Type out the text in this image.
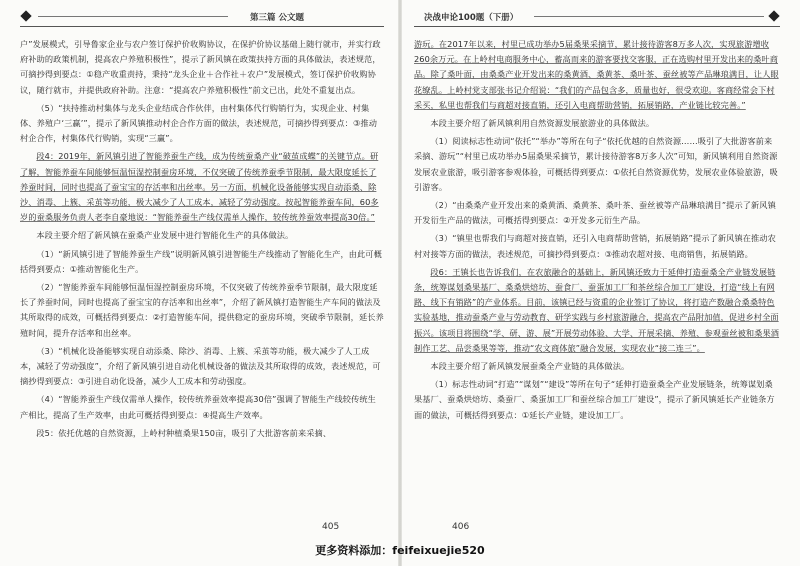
第三篇 公文题

户”发展模式，引导鲁家企业与农户签订保护价收购协议，在保护价协议基础上随行就市，并实行政府补助的政策机制，提高农户养殖积极性”，提示了新风镇在政策扶持方面的具体做法，表述规范，可摘抄得到要点：①稳产收重责持，秉持“龙头企业＋合作社＋农户”发展模式，签订保护价收购协议，随行就市，并提供政府补助。注意：“提高农户养殖积极性”前文已出，此处不重复出点。

（5）“扶持推动村集体与龙头企业结成合作伙伴，由村集体代行购销行为，实现企业、村集体、养殖户‘三赢’”，提示了新风镇推动村企合作方面的做法，表述规范，可摘抄得到要点：③推动村企合作，村集体代行购销，实现“三赢”。

段4：2019年，新风镇引进了智能养蚕生产线，成为传统蚕桑产业“破茧成蝶”的关键节点。研了解，智能养蚕车间能够恒温恒湿控制蚕房环境，不仅突破了传统养蚕季节限制，最大限度延长了养蚕时间，同时也提高了蚕宝宝的存活率和出丝率。另一方面，机械化设备能够实现自动添桑、除沙、消毒、上簇、采茧等功能，极大减少了人工成本，减轻了劳动强度。按起智能养蚕车间，60多岁的蚕桑服务负责人老李自豪地说：“智能养蚕生产线仅需单人操作，较传统养蚕效率提高30倍。”

本段主要介绍了新风镇在蚕桑产业发展中进行智能化生产的具体做法。

（1）“新风镇引进了智能养蚕生产线”说明新风镇引进智能生产线推动了智能化生产，由此可概括得到要点：①推动智能化生产。

（2）“智能养蚕车间能够恒温恒湿控制蚕房环境，不仅突破了传统养蚕季节限制，最大限度延长了养蚕时间，同时也提高了蚕宝宝的存活率和出丝率”，介绍了新风镇打造智能生产车间的做法及其所取得的成效，可概括得到要点：②打造智能车间，提供稳定的蚕房环境，突破季节限制，延长养殖时间，提升存活率和出丝率。

（3）“机械化设备能够实现自动添桑、除沙、消毒、上簇、采茧等功能，极大减少了人工成本，减轻了劳动强度”，介绍了新风镇引进自动化机械设备的做法及其所取得的成效，表述规范，可摘抄得到要点：③引进自动化设备，减少人工成本和劳动强度。

（4）“智能养蚕生产线仅需单人操作，较传统养蚕效率提高30倍”强调了智能生产线较传统生产相比，提高了生产效率，由此可概括得到要点：④提高生产效率。

段5：依托优越的自然资源，上岭村种植桑果150亩，吸引了大批游客前来采摘、

405
决战申论100题（下册）

游玩。在2017年以来，村里已成功举办5届桑果采摘节，累计接待游客8万多人次，实现旅游增收260余万元。在上岭村电商服务中心，蓄高而来的游客要找交客服，正在选购村里开发出来的桑叶商品。除了桑叶面，由桑桑产业开发出来的桑黄酒、桑黄茶、桑叶茶、蚕丝被等产品琳琅满目，让人眼花缭乱。上岭村党支部张书记介绍说：“我们的产品包含多，质量也好，很受欢迎。客商经常会下村采买，私里也帮我们与商超对接直销，还引入电商帮助营销，拓展销路，产业链比较完善。”

本段主要介绍了新风镇利用自然资源发展旅游业的具体做法。

（1）阅读标志性动词“依托”“举办”等所在句子“依托优越的自然资源……吸引了大批游客前来采摘、游玩”“村里已成功举办5届桑果采摘节，累计接待游客8万多人次”可知，新风镇利用自然资源发展农业旅游，吸引游客参观体验，可概括得到要点：①依托自然资源优势，发展农业体验旅游，吸引游客。

（2）“由桑桑产业开发出来的桑黄酒、桑黄茶、桑叶茶、蚕丝被等产品琳琅满目”提示了新风镇开发衍生产品的做法，可概括得到要点：②开发多元衍生产品。

（3）“镇里也帮我们与商超对接直销，还引入电商帮助营销，拓展销路”提示了新风镇在推动农村对接等方面的做法，表述规范，可摘抄得到要点：③推动农超对接、电商销售，拓展销路。

段6：王镇长也告诉我们，在农旅融合的基础上，新风镇还致力于延伸打造蚕桑全产业链发展链条，统筹谋划桑果基厂、桑桑烘焙坊、蚕食厂、蚕蛋加工厂和茶丝综合加工厂建设，打造“线上有网路、线下有销路”的产业体系。目前，该镇已经与资重的企业签订了协议，将打造产数融合桑桑特色实验基地，推动蚕桑产业与劳动教育、研学实践与乡村旅游融合，提高农产品附加值，促进乡村全面振兴。该项目将围绕“学、研、游、展”开展劳动体验、大学、开展采摘、养殖、参观蚕丝被和桑果酒制作工艺、品尝桑果等等，推动“农文商体旅”融合发展，实现农业“接二连三”。

本段主要介绍了新风镇发展蚕桑全产业链的具体做法。

（1）标志性动词“打造”“谋划”“建设”等所在句子“延伸打造蚕桑全产业发展链条，统筹谋划桑果基厂、蚕桑烘焙坊、桑蚕厂、桑蛋加工厂和蚕丝综合加工厂建设”，提示了新风镇延长产业链条方面的做法，可概括得到要点：①延长产业链，建设加工厂。

406
更多资料添加：feifeixuejie520
